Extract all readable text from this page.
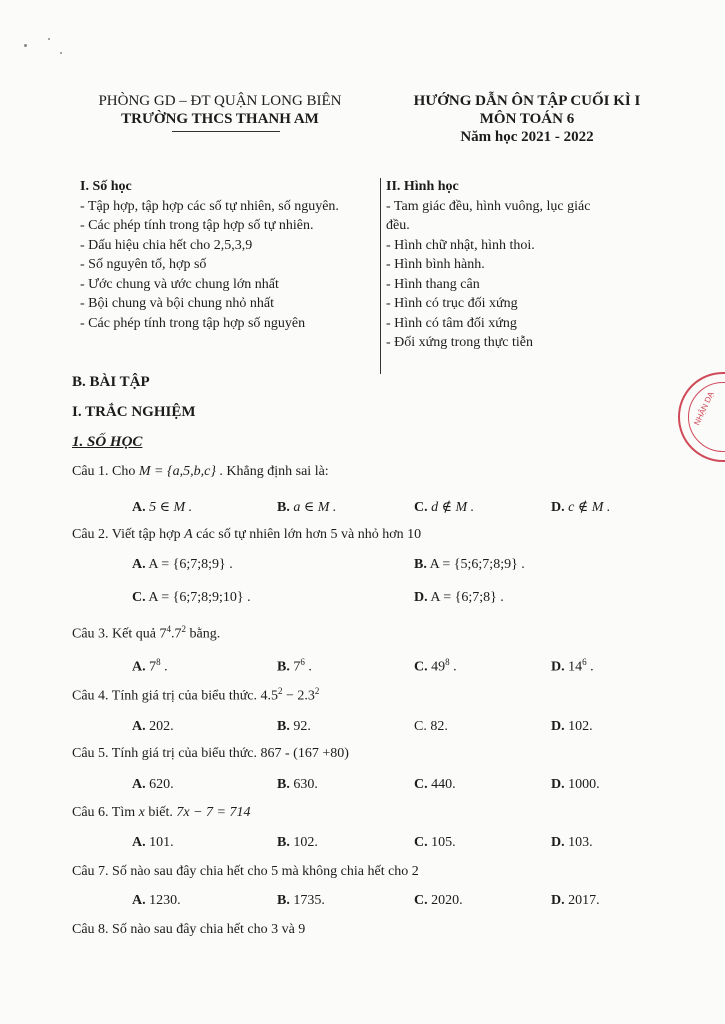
PHÒNG GD – ĐT QUẬN LONG BIÊN
TRƯỜNG THCS THANH AM
HƯỚNG DẪN ÔN TẬP CUỐI KÌ I
MÔN TOÁN 6
Năm học 2021 - 2022
I. Số học
- Tập hợp, tập hợp các số tự nhiên, số nguyên.
- Các phép tính trong tập hợp số tự nhiên.
- Dấu hiệu chia hết cho 2,5,3,9
- Số nguyên tố, hợp số
- Ước chung và ước chung lớn nhất
- Bội chung và bội chung nhỏ nhất
- Các phép tính trong tập hợp số nguyên
II. Hình học
- Tam giác đều, hình vuông, lục giác
đều.
- Hình chữ nhật, hình thoi.
- Hình bình hành.
- Hình thang cân
- Hình có trục đối xứng
- Hình có tâm đối xứng
- Đối xứng trong thực tiễn
B. BÀI TẬP
I. TRẮC NGHIỆM
1. SỐ HỌC
Câu 1. Cho M = {a,5,b,c} . Khẳng định sai là:
A. 5 ∈ M .	B. a ∈ M .	C. d ∉ M .	D. c ∉ M .
Câu 2. Viết tập hợp A các số tự nhiên lớn hơn 5 và nhỏ hơn 10
A. A = {6;7;8;9} .	B. A = {5;6;7;8;9} .
C. A = {6;7;8;9;10} .	D. A = {6;7;8} .
Câu 3. Kết quả $7^4.7^2$ bằng.
A. $7^8$ .	B. $7^6$ .	C. $49^8$ .	D. $14^6$ .
Câu 4. Tính giá trị của biểu thức. $4.5^2 - 2.3^2$
A. 202.	B. 92.	C. 82.	D. 102.
Câu 5. Tính giá trị của biểu thức. 867 - (167 +80)
A. 620.	B. 630.	C. 440.	D. 1000.
Câu 6. Tìm x biết. 7x − 7 = 714
A. 101.	B. 102.	C. 105.	D. 103.
Câu 7. Số nào sau đây chia hết cho 5 mà không chia hết cho 2
A. 1230.	B. 1735.	C. 2020.	D. 2017.
Câu 8. Số nào sau đây chia hết cho 3 và 9
NHẬN DẠ
